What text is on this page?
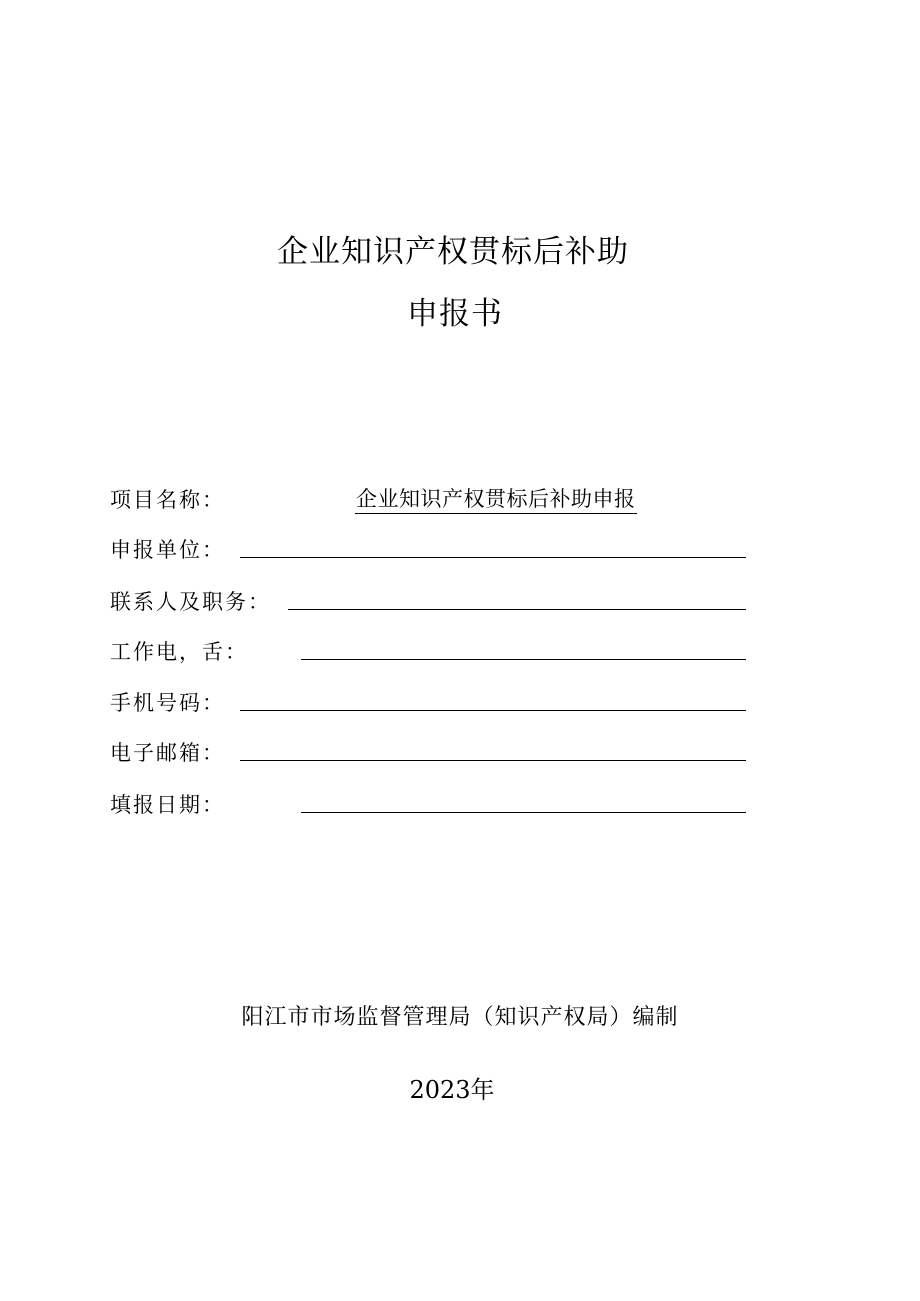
企业知识产权贯标后补助
申报书
项目名称：	企业知识产权贯标后补助申报
申报单位：
联系人及职务：
工作电，舌：
手机号码：
电子邮箱：
填报日期：
阳江市市场监督管理局（知识产权局）编制
2023年
